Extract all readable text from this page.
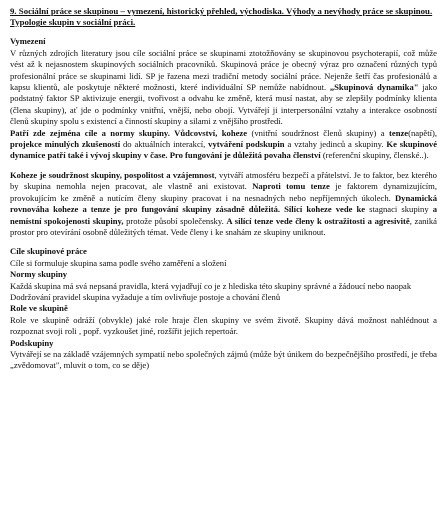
9. Sociální práce se skupinou – vymezení, historický přehled, východiska. Výhody a nevýhody práce se skupinou. Typologie skupin v sociální práci.
Vymezení

V různých zdrojích literatury jsou cíle sociální práce se skupinami ztotožňovány se skupinovou psychoterapií, což může vést až k nejasnostem skupinových sociálních pracovníků. Skupinová práce je obecný výraz pro označení různých typů profesionální práce se skupinami lidí. SP je řazena mezi tradiční metody sociální práce. Nejenže šetří čas profesionálů a kapsu klientů, ale poskytuje některé možnosti, které individuální SP nemůže nabídnout. „Skupinová dynamika" jako podstatný faktor SP aktivizuje energii, tvořivost a odvahu ke změně, která musí nastat, aby se zlepšily podmínky klienta (člena skupiny), ať jde o podmínky vnitřní, vnější, nebo obojí. Vytvářejí ji interpersonální vztahy a interakce osobností členů skupiny spolu s existencí a činností skupiny a silami z vnějšího prostředí.

Patří zde zejména cíle a normy skupiny. Vůdcovství, koheze (vnitřní soudržnost členů skupiny) a tenze(napětí), projekce minulých zkušeností do aktuálních interakcí, vytváření podskupin a vztahy jedinců a skupiny. Ke skupinové dynamice patří také i vývoj skupiny v čase. Pro fungování je důležitá povaha členství (referenční skupiny, členské..).

Koheze je soudržnost skupiny, pospolitost a vzájemnost, vytváří atmosféru bezpečí a přátelství. Je to faktor, bez kterého by skupina nemohla nejen pracovat, ale vlastně ani existovat. Naproti tomu tenze je faktorem dynamizujícím, provokujícím ke změně a nutícím členy skupiny pracovat i na nesnadných nebo nepříjemných úkolech. Dynamická rovnováha koheze a tenze je pro fungování skupiny zásadně důležitá. Silící koheze vede ke stagnaci skupiny a nemístní spokojenosti skupiny, protože působí společensky. A silící tenze vede členy k ostražitosti a agresivitě, zaniká prostor pro otevírání osobně důležitých témat. Vede členy i ke snahám ze skupiny uniknout.

Cíle skupinové práce

Cíle si formuluje skupina sama podle svého zaměření a složení

Normy skupiny

Každá skupina má svá nepsaná pravidla, která vyjadřují co je z hlediska této skupiny správné a žádoucí nebo naopak

Dodržování pravidel skupina vyžaduje a tím ovlivňuje postoje a chování členů

Role ve skupině

Role ve skupině odráží (obvykle) jaké role hraje člen skupiny ve svém životě. Skupiny dává možnost nahlédnout a rozpoznat svoji roli , popř. vyzkoušet jiné, rozšířit jejich repertoár.

Podskupiny

Vytvářejí se na základě vzájemných sympatií nebo společných zájmů (může být únikem do bezpečnějšího prostředí, je třeba „zvědomovat", mluvit o tom, co se děje)
